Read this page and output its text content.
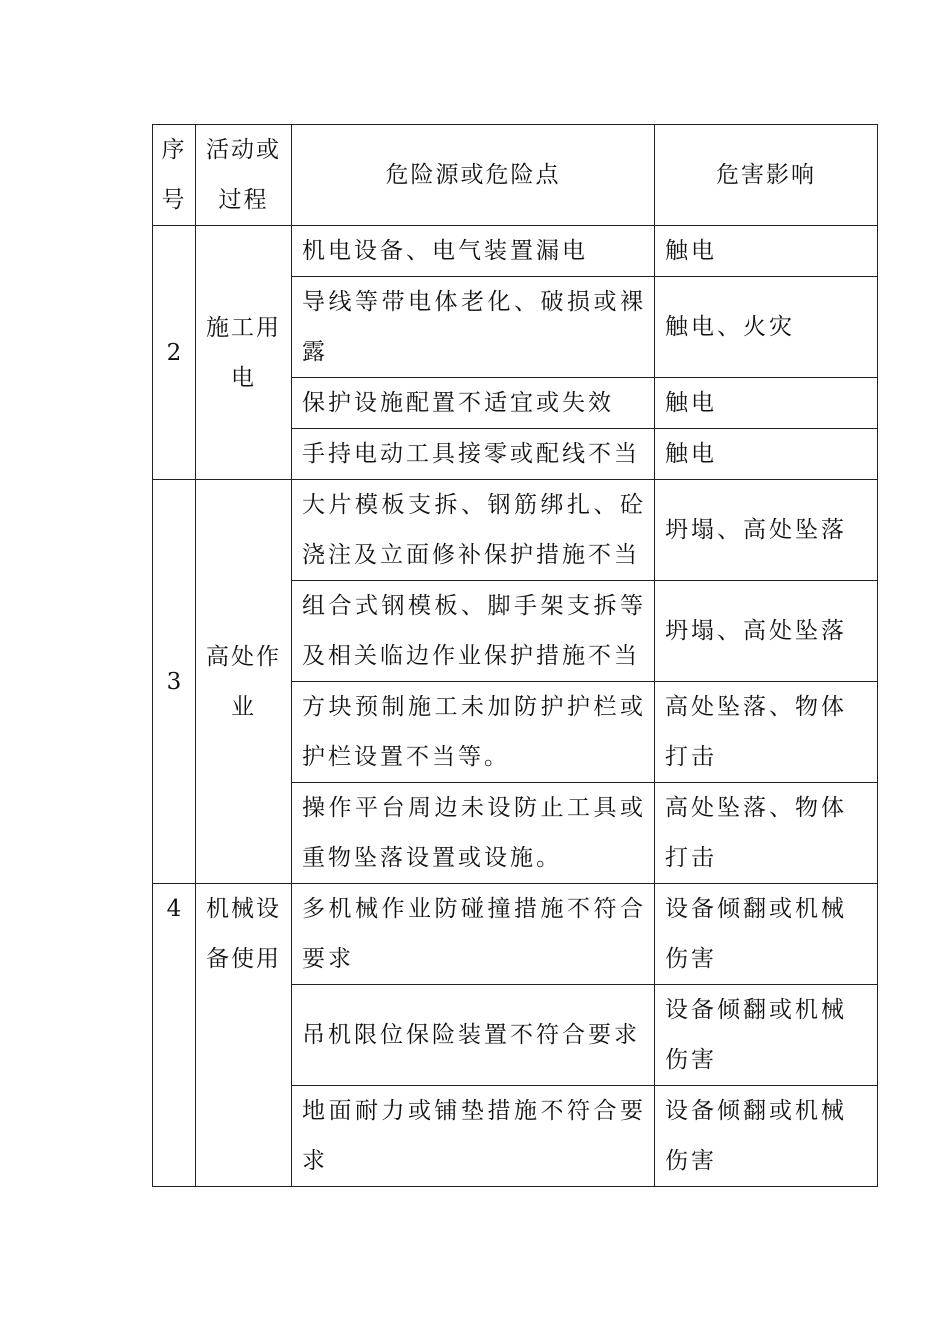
序号	活动或过程	危险源或危险点	危害影响
2	施工用电	机电设备、电气装置漏电	触电
		导线等带电体老化、破损或裸露	触电、火灾
		保护设施配置不适宜或失效	触电
		手持电动工具接零或配线不当	触电
3	高处作业	大片模板支拆、钢筋绑扎、砼浇注及立面修补保护措施不当	坍塌、高处坠落
		组合式钢模板、脚手架支拆等及相关临边作业保护措施不当	坍塌、高处坠落
		方块预制施工未加防护护栏或护栏设置不当等。	高处坠落、物体打击
		操作平台周边未设防止工具或重物坠落设置或设施。	高处坠落、物体打击
4	机械设备使用	多机械作业防碰撞措施不符合要求	设备倾翻或机械伤害
		吊机限位保险装置不符合要求	设备倾翻或机械伤害
		地面耐力或铺垫措施不符合要求	设备倾翻或机械伤害
